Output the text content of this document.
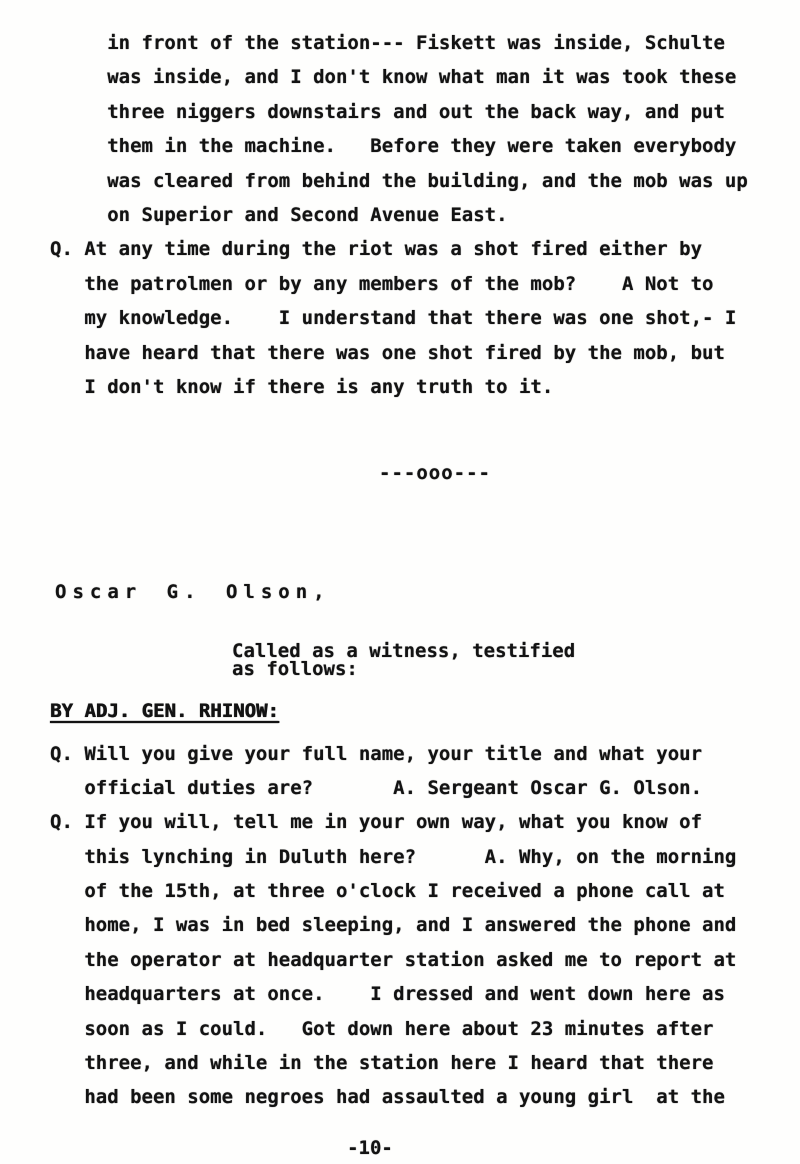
in front of the station--- Fiskett was inside, Schulte
was inside, and I don't know what man it was took these
three niggers downstairs and out the back way, and put
them in the machine.   Before they were taken everybody
was cleared from behind the building, and the mob was up
on Superior and Second Avenue East.
Q. At any time during the riot was a shot fired either by
the patrolmen or by any members of the mob?    A Not to
my knowledge.    I understand that there was one shot,- I
have heard that there was one shot fired by the mob, but
I don't know if there is any truth to it.
---ooo---
Oscar G. Olson,
Called as a witness, testified
as follows:
BY ADJ. GEN. RHINOW:
Q. Will you give your full name, your title and what your
official duties are?       A. Sergeant Oscar G. Olson.
Q. If you will, tell me in your own way, what you know of
this lynching in Duluth here?      A. Why, on the morning
of the 15th, at three o'clock I received a phone call at
home, I was in bed sleeping, and I answered the phone and
the operator at headquarter station asked me to report at
headquarters at once.    I dressed and went down here as
soon as I could.   Got down here about 23 minutes after
three, and while in the station here I heard that there
had been some negroes had assaulted a young girl  at the
-10-
